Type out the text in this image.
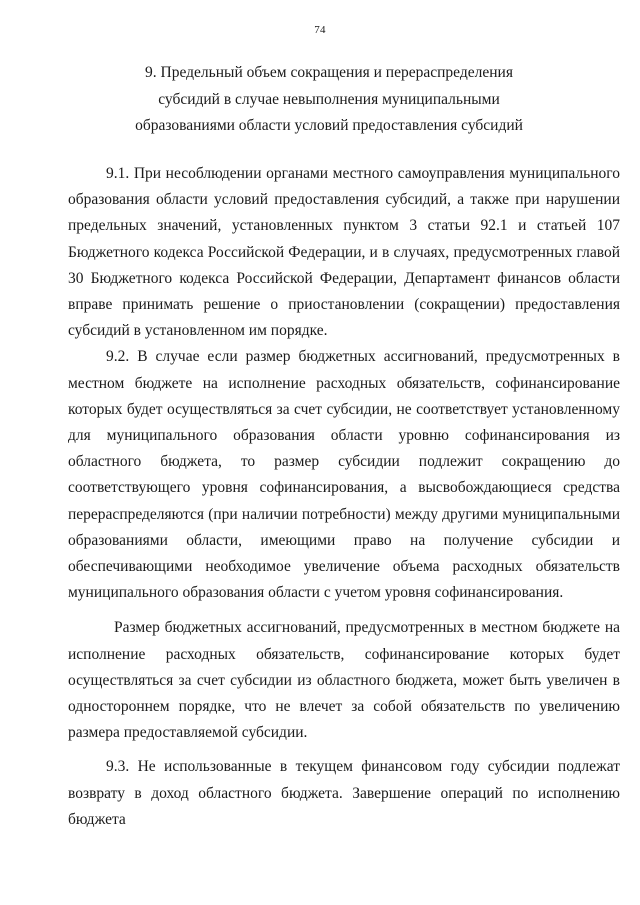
74
9. Предельный объем сокращения и перераспределения
субсидий в случае невыполнения муниципальными
образованиями области условий предоставления субсидий

9.1. При несоблюдении органами местного самоуправления муниципального образования области условий предоставления субсидий, а также при нарушении предельных значений, установленных пунктом 3 статьи 92.1 и статьей 107 Бюджетного кодекса Российской Федерации, и в случаях, предусмотренных главой 30 Бюджетного кодекса Российской Федерации, Департамент финансов области вправе принимать решение о приостановлении (сокращении) предоставления субсидий в установленном им порядке.

9.2. В случае если размер бюджетных ассигнований, предусмотренных в местном бюджете на исполнение расходных обязательств, софинансирование которых будет осуществляться за счет субсидии, не соответствует установленному для муниципального образования области уровню софинансирования из областного бюджета, то размер субсидии подлежит сокращению до соответствующего уровня софинансирования, а высвобождающиеся средства перераспределяются (при наличии потребности) между другими муниципальными образованиями области, имеющими право на получение субсидии и обеспечивающими необходимое увеличение объема расходных обязательств муниципального образования области с учетом уровня софинансирования.

Размер бюджетных ассигнований, предусмотренных в местном бюджете на исполнение расходных обязательств, софинансирование которых будет осуществляться за счет субсидии из областного бюджета, может быть увеличен в одностороннем порядке, что не влечет за собой обязательств по увеличению размера предоставляемой субсидии.

9.3. Не использованные в текущем финансовом году субсидии подлежат возврату в доход областного бюджета. Завершение операций по исполнению бюджета
